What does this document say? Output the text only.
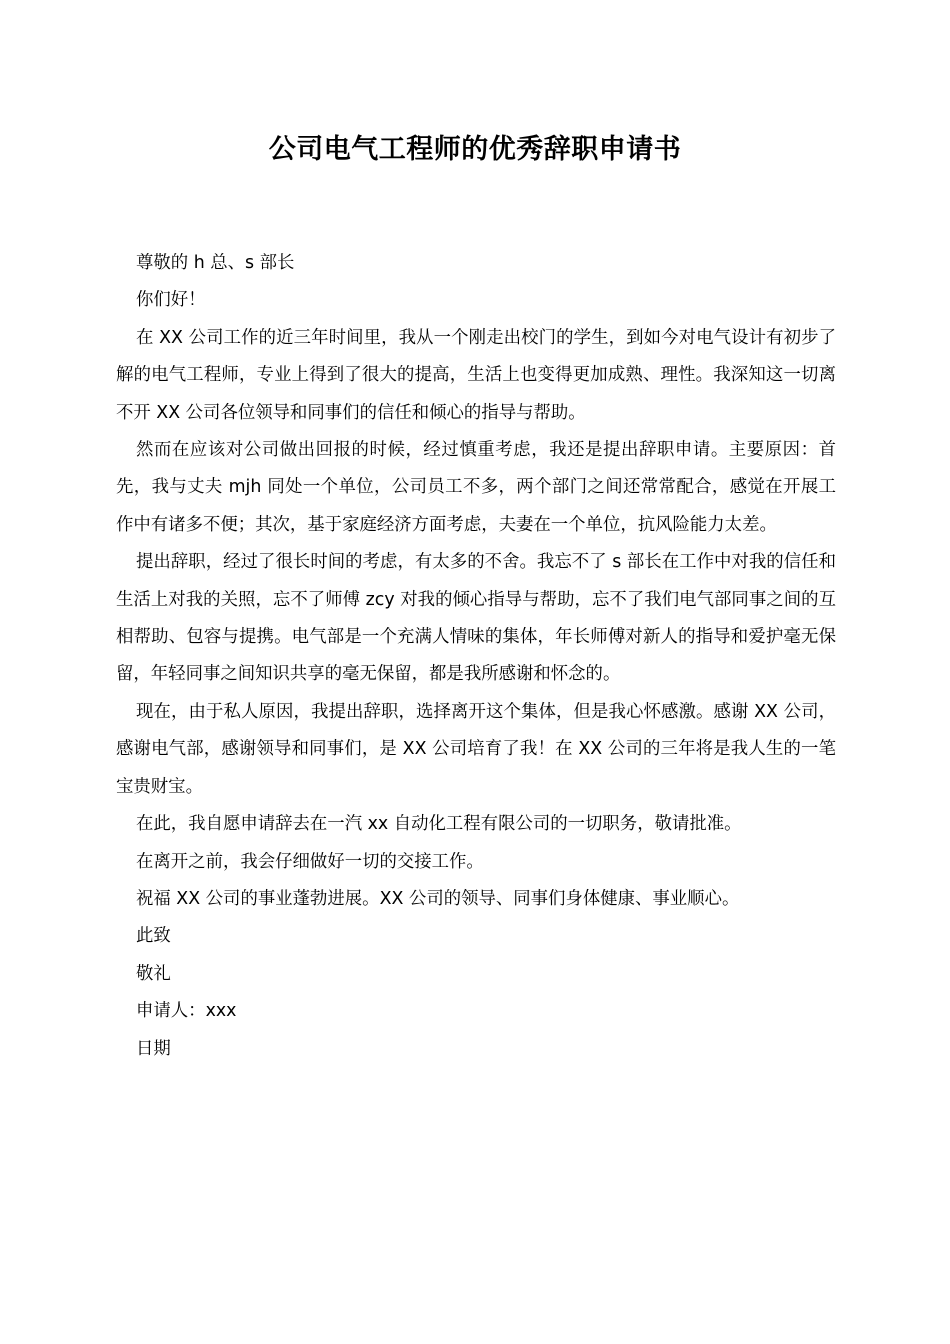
公司电气工程师的优秀辞职申请书

尊敬的 h 总、s 部长

你们好！

在 XX 公司工作的近三年时间里，我从一个刚走出校门的学生，到如今对电气设计有初步了解的电气工程师，专业上得到了很大的提高，生活上也变得更加成熟、理性。我深知这一切离不开 XX 公司各位领导和同事们的信任和倾心的指导与帮助。

然而在应该对公司做出回报的时候，经过慎重考虑，我还是提出辞职申请。主要原因：首先，我与丈夫 mjh 同处一个单位，公司员工不多，两个部门之间还常常配合，感觉在开展工作中有诸多不便；其次，基于家庭经济方面考虑，夫妻在一个单位，抗风险能力太差。

提出辞职，经过了很长时间的考虑，有太多的不舍。我忘不了 s 部长在工作中对我的信任和生活上对我的关照，忘不了师傅 zcy 对我的倾心指导与帮助，忘不了我们电气部同事之间的互相帮助、包容与提携。电气部是一个充满人情味的集体，年长师傅对新人的指导和爱护毫无保留，年轻同事之间知识共享的毫无保留，都是我所感谢和怀念的。

现在，由于私人原因，我提出辞职，选择离开这个集体，但是我心怀感激。感谢 XX 公司，感谢电气部，感谢领导和同事们，是 XX 公司培育了我！在 XX 公司的三年将是我人生的一笔宝贵财宝。

在此，我自愿申请辞去在一汽 xx 自动化工程有限公司的一切职务，敬请批准。

在离开之前，我会仔细做好一切的交接工作。

祝福 XX 公司的事业蓬勃进展。XX 公司的领导、同事们身体健康、事业顺心。

此致

敬礼

申请人：xxx

日期
